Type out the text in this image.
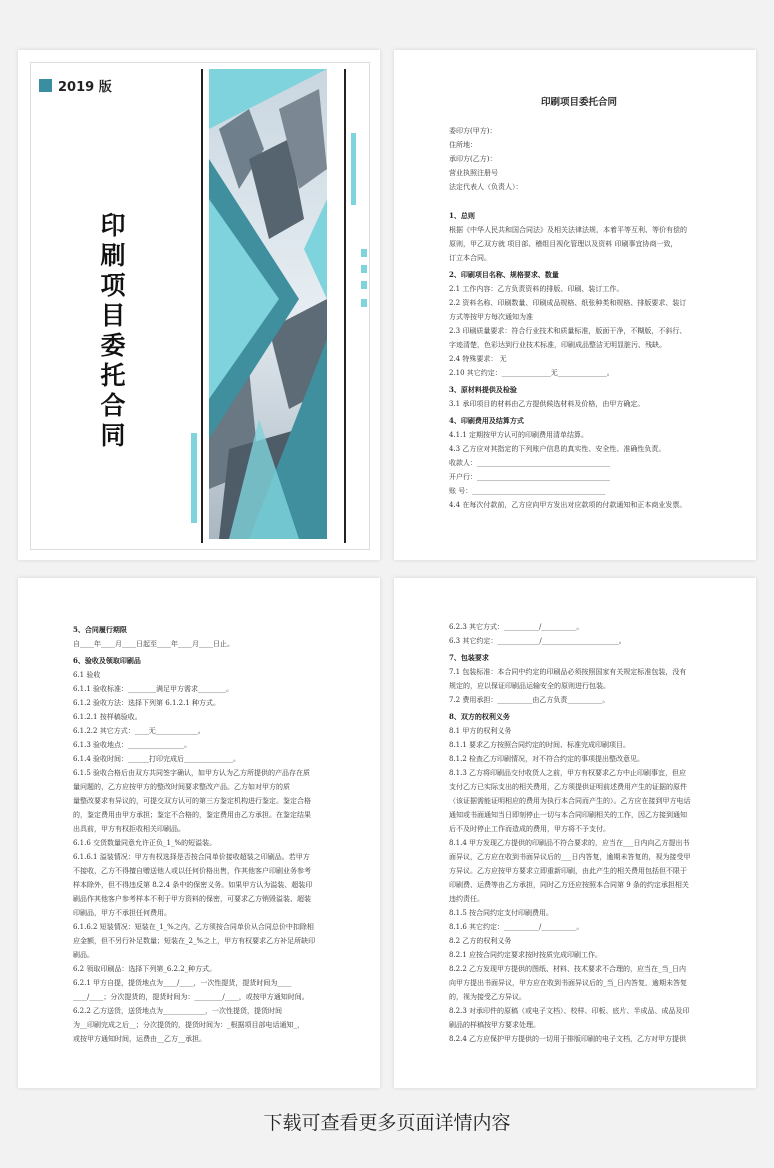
2019 版
印刷项目委托合同
印刷项目委托合同
委印方(甲方)：
住所地：
承印方(乙方)：
营业执照注册号
法定代表人（负责人）：
1、总则
根据《中华人民共和国合同法》及相关法律法规，本着平等互利、等价有偿的
原则，甲乙双方就 项目部、稽组目视化管理以及资料 印刷事宜协商一致，
订立本合同。
2、印刷项目名称、规格要求、数量
2.1 工作内容：乙方负责资料的排版、印刷、装订工作。
2.2 资料名称、印刷数量、印刷成品规格、纸张种类和规格、排版要求、装订
方式等按甲方每次通知为准
2.3 印刷质量要求：符合行业技术和质量标准，版面干净，不糊版，不斜行、
字迹清楚，色彩达到行业技术标准，印刷成品整洁无明显脏污、残缺。
2.4 特殊要求： 无
2.10 其它约定：______________无______________。
3、原材料提供及检验
3.1 承印项目的材料由乙方提供候选材料及价格，由甲方确定。
4、印刷费用及结算方式
4.1.1 定期按甲方认可的印刷费用清单结算。
4.3 乙方应对其指定的下列账户信息的真实性、安全性、准确性负责。
收款人：______________________________________
开户行：______________________________________
账 号：______________________________________
4.4 在每次付款前，乙方应向甲方发出对应款项的付款通知和正本商业发票。
5、合同履行期限
自____年____月____日起至____年____月____日止。
6、验收及领取印刷品
6.1 验收
6.1.1 验收标准：________满足甲方需求________。
6.1.2 验收方法：选择下列第 6.1.2.1 种方式。
6.1.2.1 按样稿验收。
6.1.2.2 其它方式：____无____________。
6.1.3 验收地点：________________。
6.1.4 验收时间：______打印完成后______________。
6.1.5 验收合格后由双方共同签字确认，如甲方认为乙方所提供的产品存在质
量问题的，乙方应按甲方的整改时间要求整改产品。乙方如对甲方的质
量整改要求有异议的，可提交双方认可的第三方鉴定机构进行鉴定。鉴定合格
的，鉴定费用由甲方承担；鉴定不合格的，鉴定费用由乙方承担。在鉴定结果
出具前，甲方有权拒收相关印刷品。
6.1.6 交货数量同意允许正负_1_%的短溢装。
6.1.6.1 溢装情况：甲方有权选择是否按合同单价接收超装之印刷品。若甲方
不接收，乙方不得擅自赠送他人或以任何价格出售，作其他客户印刷业务参考
样本除外，但不得违反第 8.2.4 条中的保密义务。如果甲方认为溢装、超装印
刷品作其他客户参考样本不利于甲方资料的保密，可要求乙方销毁溢装、超装
印刷品，甲方不承担任何费用。
6.1.6.2 短装情况：短装在_1_%之内，乙方须按合同单价从合同总价中扣除相
应金额，但不另行补足数量；短装在_2_%之上，甲方有权要求乙方补足所缺印
刷品。
6.2 领取印刷品：选择下列第_6.2.2_种方式。
6.2.1 甲方自提，提货地点为____/____，一次性提货，提货时间为____
____/____；分次提货的，提货时间为：________/____，或按甲方通知时间。
6.2.2 乙方送货，送货地点为____________，一次性提货，提货时间
为__印刷完成之后__；分次提货的，提货时间为：_根据项目部电话通知_，
或按甲方通知时间，运费由__乙方__承担。
6.2.3 其它方式：__________/__________。
6.3 其它约定：____________/______________________。
7、包装要求
7.1 包装标准：本合同中约定的印刷品必须按照国家有关规定标准包装，没有
规定的，应以保证印刷品运输安全的原则进行包装。
7.2 费用承担：__________由乙方负责__________。
8、双方的权利义务
8.1 甲方的权利义务
8.1.1 要求乙方按照合同约定的时间、标准完成印刷项目。
8.1.2 检查乙方印刷情况，对不符合约定的事项提出整改意见。
8.1.3 乙方将印刷品交付收货人之前，甲方有权要求乙方中止印刷事宜，但应
支付乙方已实际支出的相关费用，乙方须提供证明前述费用产生的证据的原件
（该证据需能证明相应的费用为执行本合同而产生的）。乙方应在接到甲方电话
通知或书面通知当日即刻停止一切与本合同印刷相关的工作，因乙方接到通知
后不及时停止工作而造成的费用，甲方将不予支付。
8.1.4 甲方发现乙方提供的印刷品不符合要求的，应当在___日内向乙方提出书
面异议，乙方应在收到书面异议后的___日内答复，逾期未答复的，视为接受甲
方异议。乙方应按甲方要求立即重新印刷，由此产生的相关费用包括但不限于
印刷费、运费等由乙方承担，同时乙方还应按照本合同第 9 条的约定承担相关
违约责任。
8.1.5 按合同约定支付印刷费用。
8.1.6 其它约定：__________/__________。
8.2 乙方的权利义务
8.2.1 应按合同约定要求按时按质完成印刷工作。
8.2.2 乙方发现甲方提供的图纸、材料、技术要求不合理的，应当在_当_日内
向甲方提出书面异议，甲方应在收到书面异议后的_当_日内答复，逾期未答复
的，视为接受乙方异议。
8.2.3 对承印件的原稿（或电子文档）、校样、印板、底片、半成品、成品及印
刷品的样稿按甲方要求处理。
8.2.4 乙方应保护甲方提供的一切用于排版印刷的电子文档，乙方对甲方提供
下载可查看更多页面详情内容
